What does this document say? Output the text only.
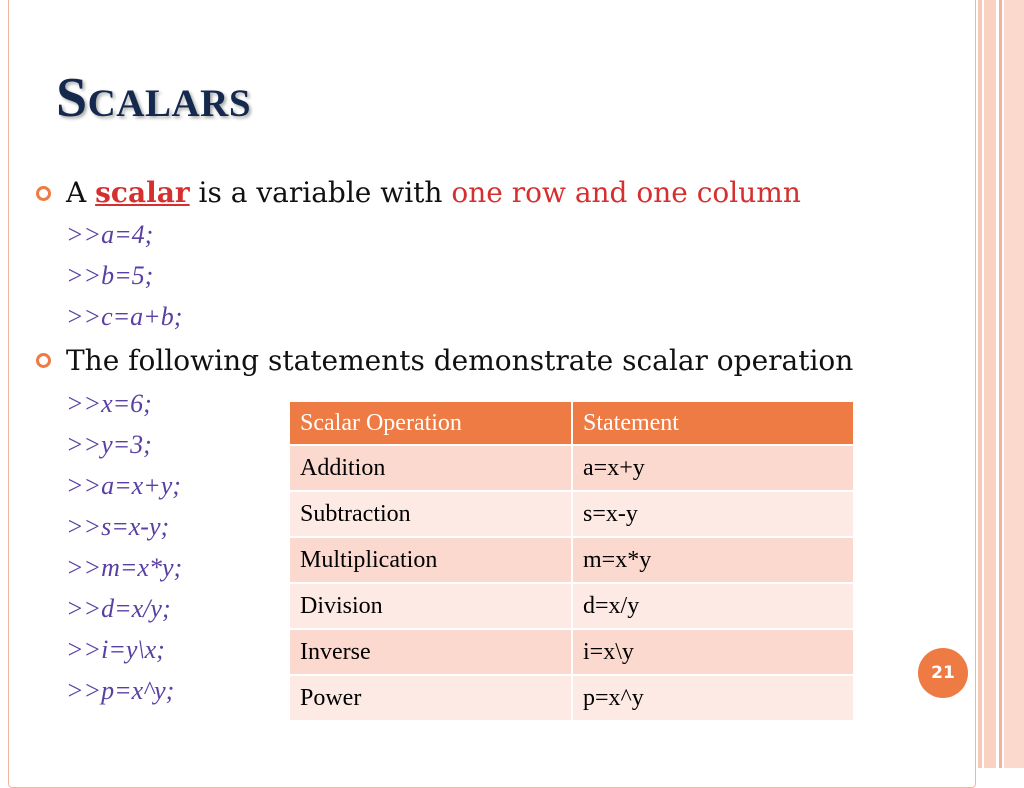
Scalars
A scalar is a variable with one row and one column
>>a=4;
>>b=5;
>>c=a+b;
The following statements demonstrate scalar operation
>>x=6;
>>y=3;
>>a=x+y;
>>s=x-y;
>>m=x*y;
>>d=x/y;
>>i=y\x;
>>p=x^y;
Scalar Operation	Statement
Addition	a=x+y
Subtraction	s=x-y
Multiplication	m=x*y
Division	d=x/y
Inverse	i=x\y
Power	p=x^y
21
